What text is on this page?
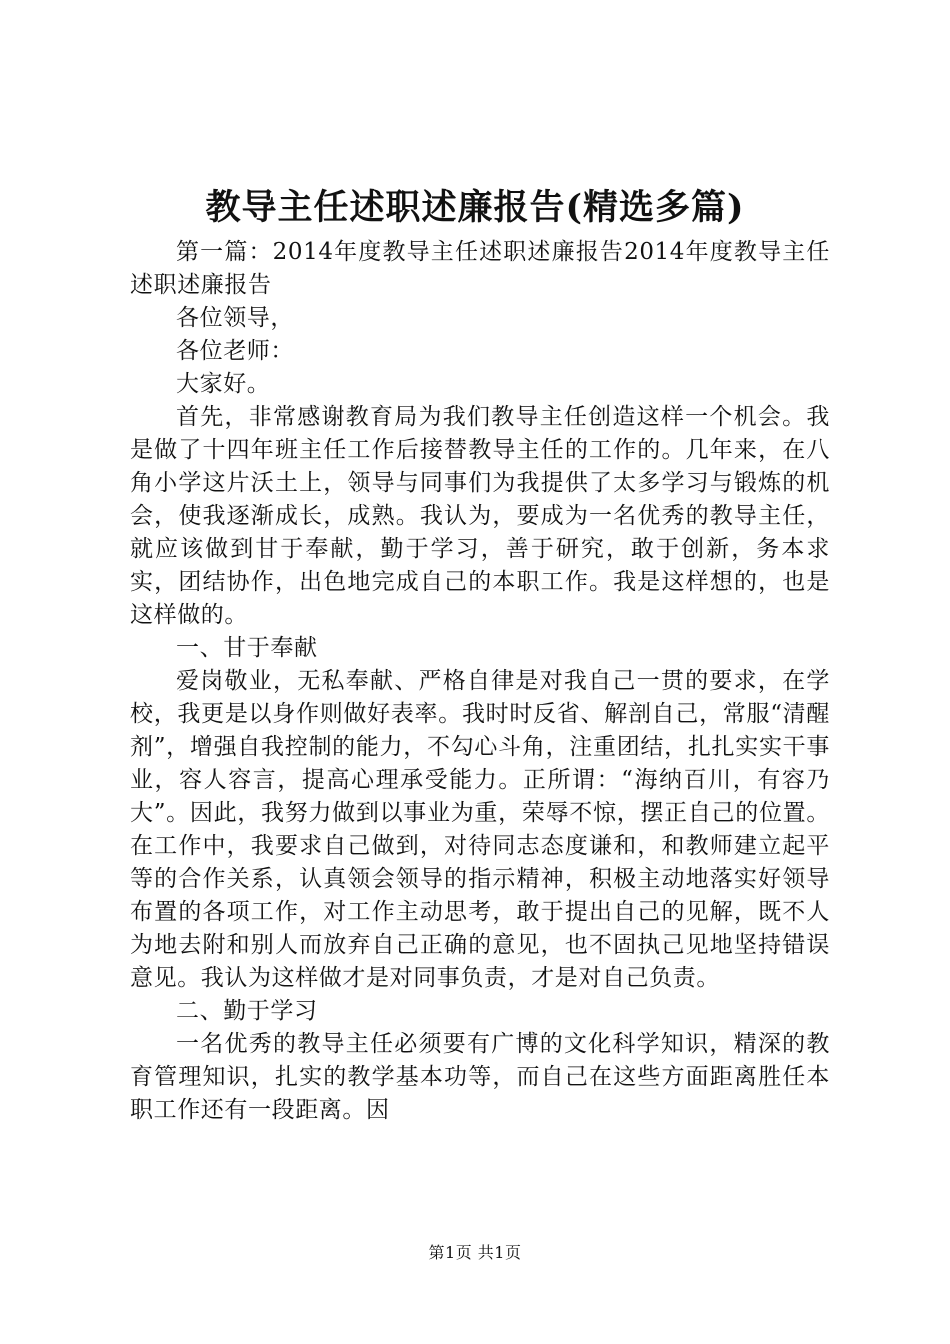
教导主任述职述廉报告(精选多篇)

第一篇：2014年度教导主任述职述廉报告2014年度教导主任述职述廉报告

各位领导，

各位老师：

大家好。

首先，非常感谢教育局为我们教导主任创造这样一个机会。我是做了十四年班主任工作后接替教导主任的工作的。几年来，在八角小学这片沃土上，领导与同事们为我提供了太多学习与锻炼的机会，使我逐渐成长，成熟。我认为，要成为一名优秀的教导主任，就应该做到甘于奉献，勤于学习，善于研究，敢于创新，务本求实，团结协作，出色地完成自己的本职工作。我是这样想的，也是这样做的。

一、甘于奉献

爱岗敬业，无私奉献、严格自律是对我自己一贯的要求，在学校，我更是以身作则做好表率。我时时反省、解剖自己，常服“清醒剂”，增强自我控制的能力，不勾心斗角，注重团结，扎扎实实干事业，容人容言，提高心理承受能力。正所谓：“海纳百川，有容乃大”。因此，我努力做到以事业为重，荣辱不惊，摆正自己的位置。在工作中，我要求自己做到，对待同志态度谦和，和教师建立起平等的合作关系，认真领会领导的指示精神，积极主动地落实好领导布置的各项工作，对工作主动思考，敢于提出自己的见解，既不人为地去附和别人而放弃自己正确的意见，也不固执己见地坚持错误意见。我认为这样做才是对同事负责，才是对自己负责。

二、勤于学习

一名优秀的教导主任必须要有广博的文化科学知识，精深的教育管理知识，扎实的教学基本功等，而自己在这些方面距离胜任本职工作还有一段距离。因

第1页 共1页
